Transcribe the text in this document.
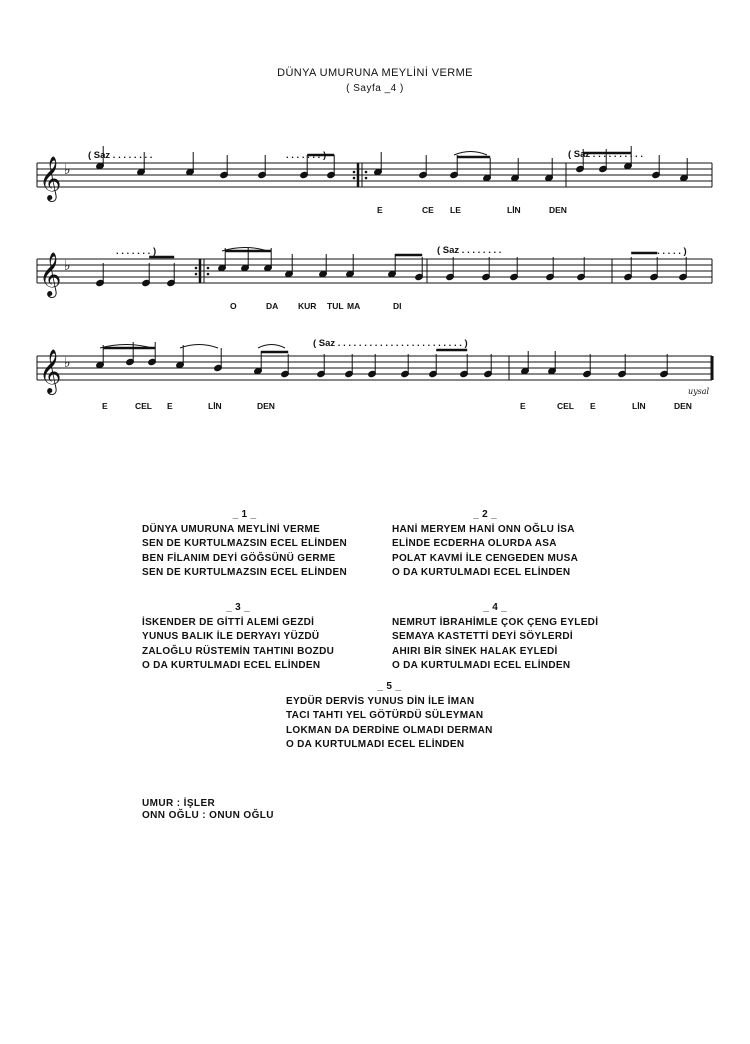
DÜNYA UMURUNA MEYLİNİ VERME
( Sayfa _4 )
𝄞 ♭
𝄞 ♭
𝄞 ♭
( Saz . . . . . . . .	. . . . . . . )	( Saz . . . . . . . . . .
. . . . . . . )	( Saz . . . . . . . .	. . . . . . . . . )
( Saz . . . . . . . . . . . . . . . . . . . . . . . . )
E	CE LE	LİN	DEN
O	DA KUR TUL MA	DI
E	CEL E	LİN	DEN	E	CEL E	LİN	DEN
uysal
_ 1 _
DÜNYA UMURUNA MEYLİNİ VERME
SEN DE KURTULMAZSIN ECEL ELİNDEN
BEN FİLANIM DEYİ GÖĞSÜNÜ GERME
SEN DE KURTULMAZSIN ECEL ELİNDEN
_ 2 _
HANİ MERYEM HANİ ONN OĞLU İSA
ELİNDE ECDERHA OLURDA ASA
POLAT KAVMİ İLE CENGEDEN MUSA
O DA KURTULMADI ECEL ELİNDEN
_ 3 _
İSKENDER DE GİTTİ ALEMİ GEZDİ
YUNUS BALIK İLE DERYAYI YÜZDÜ
ZALOĞLU RÜSTEMİN TAHTINI BOZDU
O DA KURTULMADI ECEL ELİNDEN
_ 4 _
NEMRUT İBRAHİMLE ÇOK ÇENG EYLEDİ
SEMAYA KASTETTİ DEYİ SÖYLERDİ
AHIRI BİR SİNEK HALAK EYLEDİ
O DA KURTULMADI ECEL ELİNDEN
_ 5 _
EYDÜR DERVİS YUNUS DİN İLE İMAN
TACI TAHTI YEL GÖTÜRDÜ SÜLEYMAN
LOKMAN DA DERDİNE OLMADI DERMAN
O DA KURTULMADI ECEL ELİNDEN
UMUR : İŞLER
ONN OĞLU : ONUN OĞLU
